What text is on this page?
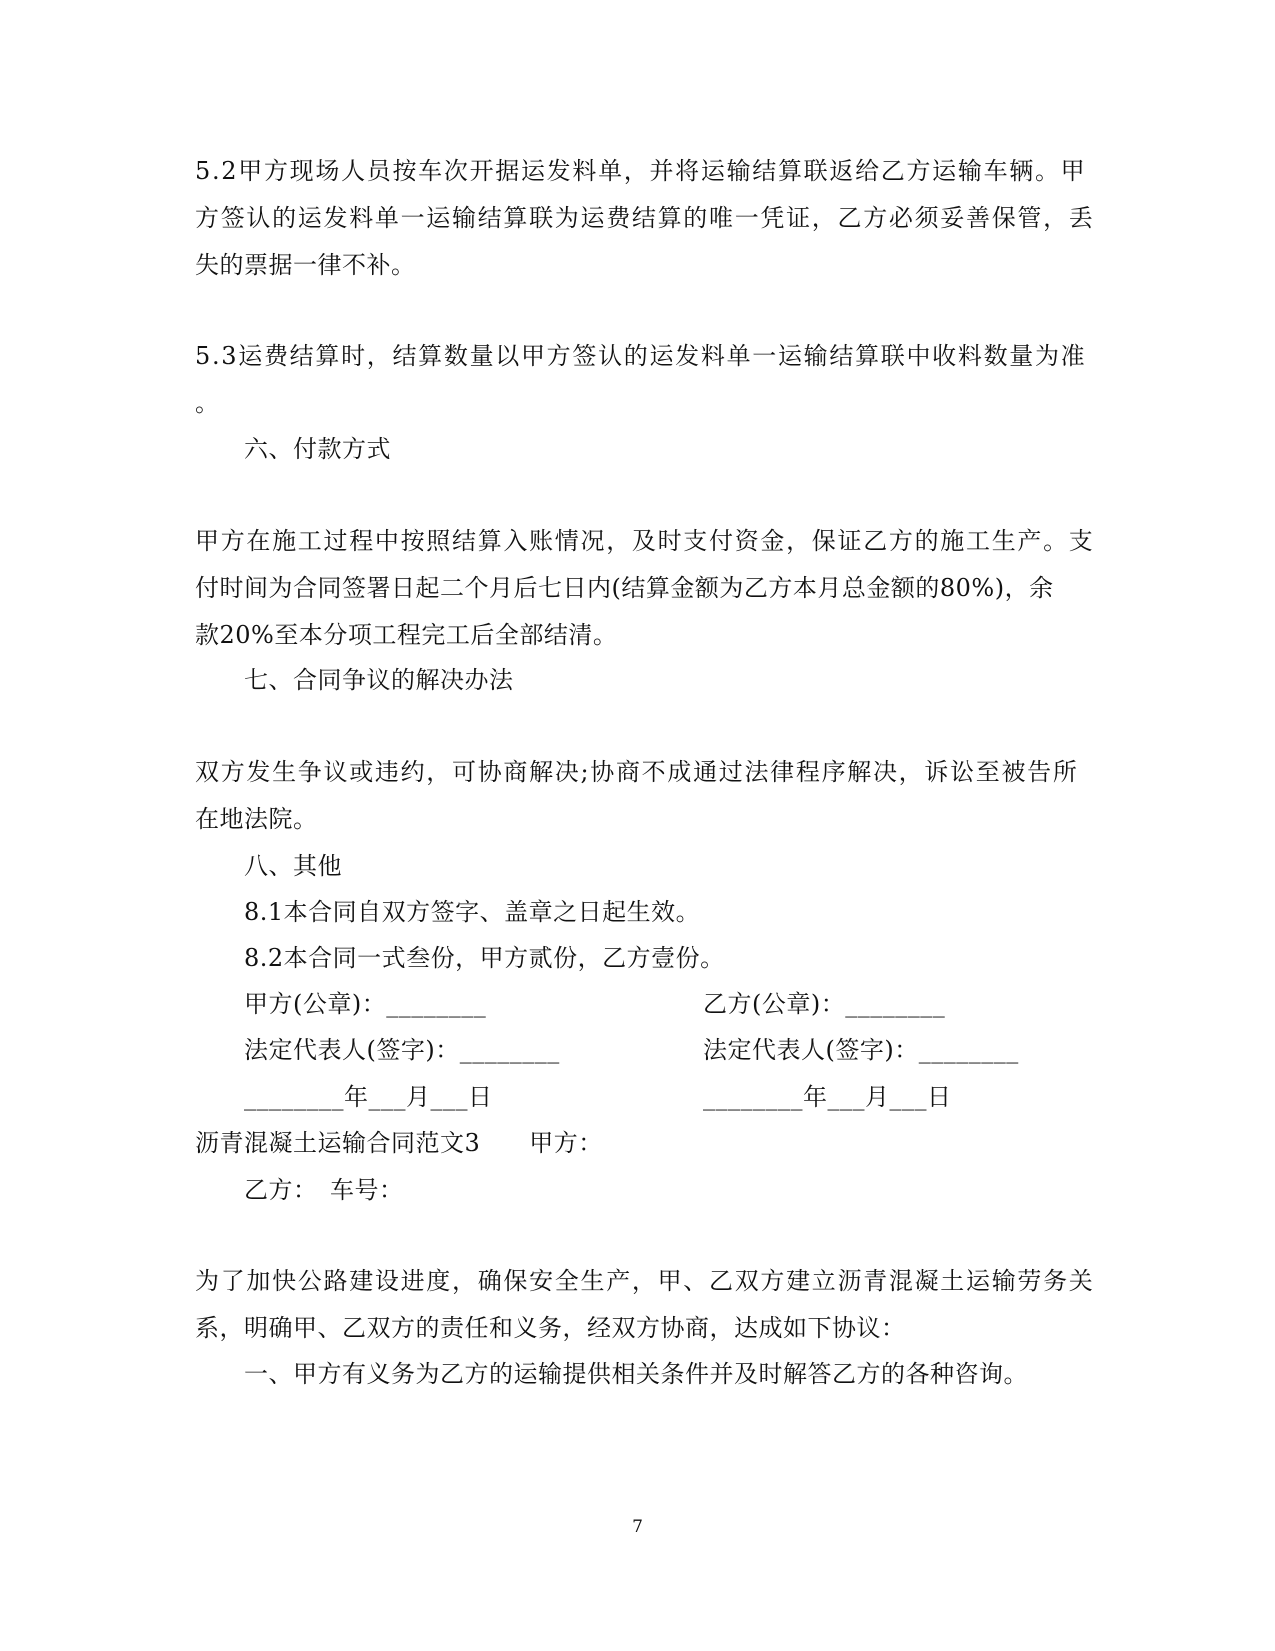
5.2甲方现场人员按车次开据运发料单，并将运输结算联返给乙方运输车辆。甲
方签认的运发料单一运输结算联为运费结算的唯一凭证，乙方必须妥善保管，丢
失的票据一律不补。
5.3运费结算时，结算数量以甲方签认的运发料单一运输结算联中收料数量为准
。
六、付款方式
甲方在施工过程中按照结算入账情况，及时支付资金，保证乙方的施工生产。支
付时间为合同签署日起二个月后七日内(结算金额为乙方本月总金额的80%)，余
款20%至本分项工程完工后全部结清。
七、合同争议的解决办法
双方发生争议或违约，可协商解决;协商不成通过法律程序解决，诉讼至被告所
在地法院。
八、其他
8.1本合同自双方签字、盖章之日起生效。
8.2本合同一式叁份，甲方贰份，乙方壹份。
甲方(公章)：________	乙方(公章)：________
法定代表人(签字)：________	法定代表人(签字)：________
________年___月___日	________年___月___日
沥青混凝土运输合同范文3　　甲方：
乙方：　车号：
为了加快公路建设进度，确保安全生产，甲、乙双方建立沥青混凝土运输劳务关
系，明确甲、乙双方的责任和义务，经双方协商，达成如下协议：
一、甲方有义务为乙方的运输提供相关条件并及时解答乙方的各种咨询。
7
